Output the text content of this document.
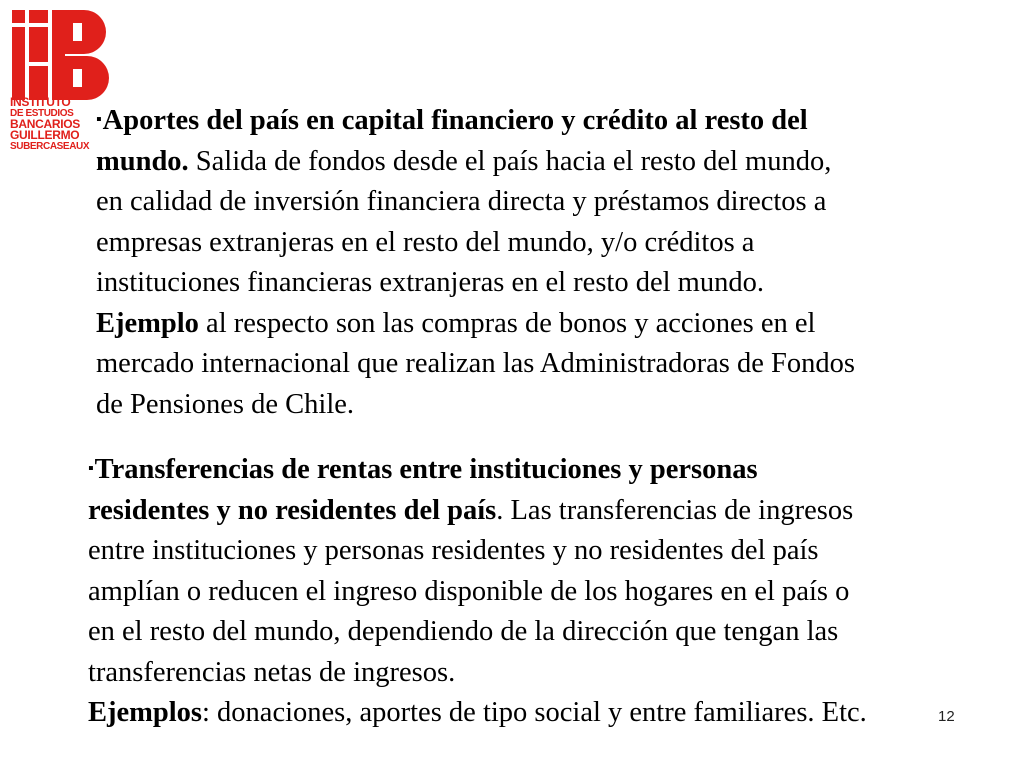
INSTITUTO
DE ESTUDIOS
BANCARIOS
GUILLERMO
SUBERCASEAUX
▪Aportes del país en capital financiero y crédito al resto del
mundo. Salida de fondos desde el país hacia el resto del mundo,
en calidad de inversión financiera directa y préstamos directos a
empresas extranjeras en el resto del mundo, y/o créditos a
instituciones financieras extranjeras en el resto del mundo.
Ejemplo al respecto son las compras de bonos y acciones en el
mercado internacional que realizan las Administradoras de Fondos
de Pensiones de Chile.
▪Transferencias de rentas entre instituciones y personas
residentes y no residentes del país. Las transferencias de ingresos
entre instituciones y personas residentes y no residentes del país
amplían o reducen el ingreso disponible de los hogares en el país o
en el resto del mundo, dependiendo de la dirección que tengan las
transferencias netas de ingresos.
Ejemplos: donaciones, aportes de tipo social y entre familiares. Etc.	12
